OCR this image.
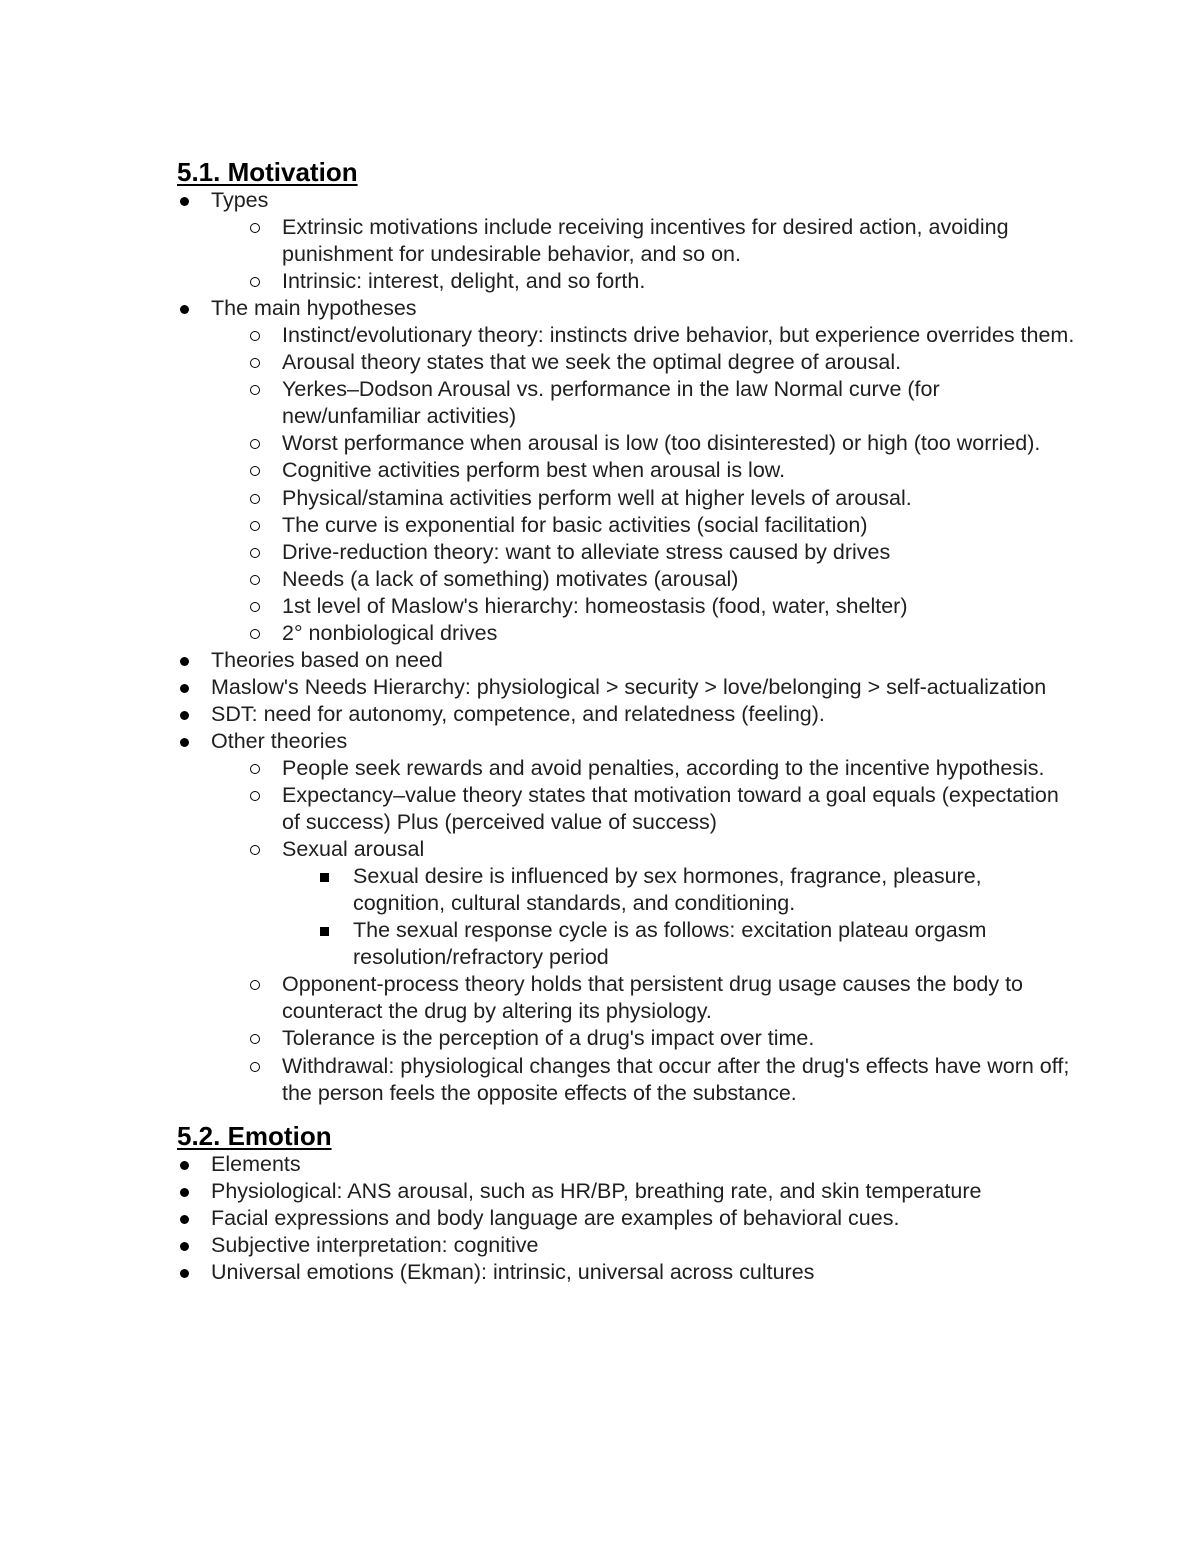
5.1. Motivation
Types
Extrinsic motivations include receiving incentives for desired action, avoiding punishment for undesirable behavior, and so on.
Intrinsic: interest, delight, and so forth.
The main hypotheses
Instinct/evolutionary theory: instincts drive behavior, but experience overrides them.
Arousal theory states that we seek the optimal degree of arousal.
Yerkes–Dodson Arousal vs. performance in the law Normal curve (for new/unfamiliar activities)
Worst performance when arousal is low (too disinterested) or high (too worried).
Cognitive activities perform best when arousal is low.
Physical/stamina activities perform well at higher levels of arousal.
The curve is exponential for basic activities (social facilitation)
Drive-reduction theory: want to alleviate stress caused by drives
Needs (a lack of something) motivates (arousal)
1st level of Maslow's hierarchy: homeostasis (food, water, shelter)
2° nonbiological drives
Theories based on need
Maslow's Needs Hierarchy: physiological > security > love/belonging > self-actualization
SDT: need for autonomy, competence, and relatedness (feeling).
Other theories
People seek rewards and avoid penalties, according to the incentive hypothesis.
Expectancy–value theory states that motivation toward a goal equals (expectation of success) Plus (perceived value of success)
Sexual arousal
Sexual desire is influenced by sex hormones, fragrance, pleasure, cognition, cultural standards, and conditioning.
The sexual response cycle is as follows: excitation plateau orgasm resolution/refractory period
Opponent-process theory holds that persistent drug usage causes the body to counteract the drug by altering its physiology.
Tolerance is the perception of a drug's impact over time.
Withdrawal: physiological changes that occur after the drug's effects have worn off; the person feels the opposite effects of the substance.
5.2. Emotion
Elements
Physiological: ANS arousal, such as HR/BP, breathing rate, and skin temperature
Facial expressions and body language are examples of behavioral cues.
Subjective interpretation: cognitive
Universal emotions (Ekman): intrinsic, universal across cultures
